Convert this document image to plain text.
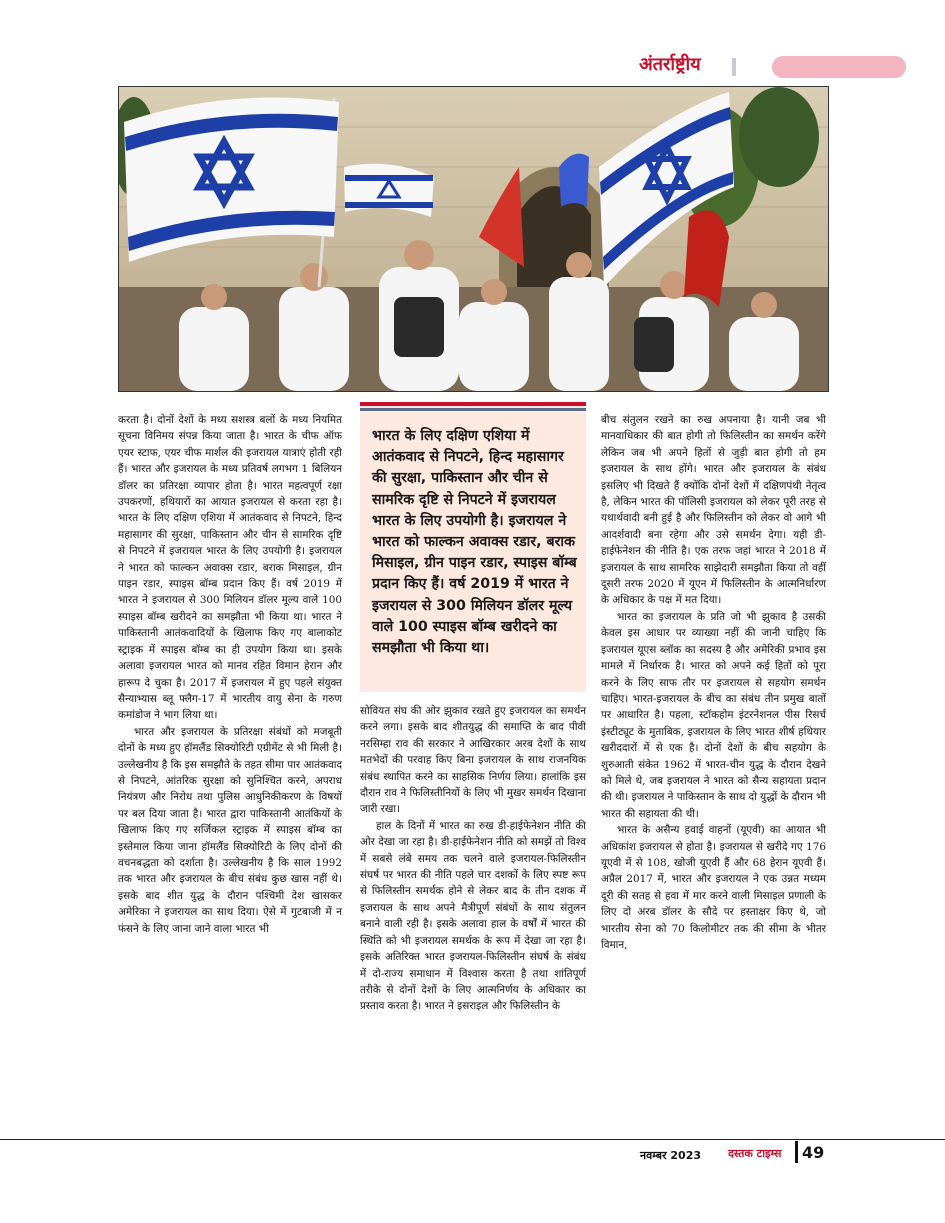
अंतर्राष्ट्रीय

करता है। दोनों देशों के मध्य सशस्त्र बलों के मध्य नियमित सूचना विनिमय संपन्न किया जाता है। भारत के चीफ ऑफ एयर स्टाफ, एयर चीफ मार्शल की इजरायल यात्राएं होती रही हैं। भारत और इजरायल के मध्य प्रतिवर्ष लगभग 1 बिलियन डॉलर का प्रतिरक्षा व्यापार होता है। भारत महत्वपूर्ण रक्षा उपकरणों, हथियारों का आयात इजरायल से करता रहा है। भारत के लिए दक्षिण एशिया में आतंकवाद से निपटने, हिन्द महासागर की सुरक्षा, पाकिस्तान और चीन से सामरिक दृष्टि से निपटने में इजरायल भारत के लिए उपयोगी है। इजरायल ने भारत को फाल्कन अवाक्स रडार, बराक मिसाइल, ग्रीन पाइन रडार, स्पाइस बॉम्ब प्रदान किए हैं। वर्ष 2019 में भारत ने इजरायल से 300 मिलियन डॉलर मूल्य वाले 100 स्पाइस बॉम्ब खरीदने का समझौता भी किया था। भारत ने पाकिस्तानी आतंकवादियों के खिलाफ किए गए बालाकोट स्ट्राइक में स्पाइस बॉम्ब का ही उपयोग किया था। इसके अलावा इजरायल भारत को मानव रहित विमान हेरान और हारूप दे चुका है। 2017 में इजरायल में हुए पहले संयुक्त सैन्याभ्यास ब्लू फ्लैग-17 में भारतीय वायु सेना के गरुण कमांडोज ने भाग लिया था।

भारत और इजरायल के प्रतिरक्षा संबंधों को मजबूती दोनों के मध्य हुए हॉमलैंड सिक्योरिटी एग्रीमेंट से भी मिली है। उल्लेखनीय है कि इस समझौते के तहत सीमा पार आतंकवाद से निपटने, आंतरिक सुरक्षा को सुनिश्चित करने, अपराध नियंत्रण और निरोध तथा पुलिस आधुनिकीकरण के विषयों पर बल दिया जाता है। भारत द्वारा पाकिस्तानी आतंकियों के खिलाफ किए गए सर्जिकल स्ट्राइक में स्पाइस बॉम्ब का इस्तेमाल किया जाना हॉमलैंड सिक्योरिटी के लिए दोनों की वचनबद्धता को दर्शाता है। उल्लेखनीय है कि साल 1992 तक भारत और इजरायल के बीच संबंध कुछ खास नहीं थे। इसके बाद शीत युद्ध के दौरान पश्चिमी देश खासकर अमेरिका ने इजरायल का साथ दिया। ऐसे में गुटबाजी में न फंसने के लिए जाना जाने वाला भारत भी

भारत के लिए दक्षिण एशिया में आतंकवाद से निपटने, हिन्द महासागर की सुरक्षा, पाकिस्तान और चीन से सामरिक दृष्टि से निपटने में इजरायल भारत के लिए उपयोगी है। इजरायल ने भारत को फाल्कन अवाक्स रडार, बराक मिसाइल, ग्रीन पाइन रडार, स्पाइस बॉम्ब प्रदान किए हैं। वर्ष 2019 में भारत ने इजरायल से 300 मिलियन डॉलर मूल्य वाले 100 स्पाइस बॉम्ब खरीदने का समझौता भी किया था।

सोवियत संघ की ओर झुकाव रखते हुए इजरायल का समर्थन करने लगा। इसके बाद शीतयुद्ध की समाप्ति के बाद पीवी नरसिम्हा राव की सरकार ने आखिरकार अरब देशों के साथ मतभेदों की परवाह किए बिना इजरायल के साथ राजनयिक संबंध स्थापित करने का साहसिक निर्णय लिया। हालांकि इस दौरान राव ने फिलिस्तीनियों के लिए भी मुखर समर्थन दिखाना जारी रखा।

हाल के दिनों में भारत का रुख डी-हाईफेनेशन नीति की ओर देखा जा रहा है। डी-हाईफेनेशन नीति को समझें तो विश्व में सबसे लंबे समय तक चलने वाले इजरायल-फिलिस्तीन संघर्ष पर भारत की नीति पहले चार दशकों के लिए स्पष्ट रूप से फिलिस्तीन समर्थक होने से लेकर बाद के तीन दशक में इजरायल के साथ अपने मैत्रीपूर्ण संबंधों के साथ संतुलन बनाने वाली रही है। इसके अलावा हाल के वर्षों में भारत की स्थिति को भी इजरायल समर्थक के रूप में देखा जा रहा है। इसके अतिरिक्त भारत इजरायल-फिलिस्तीन संघर्ष के संबंध में दो-राज्य समाधान में विश्वास करता है तथा शांतिपूर्ण तरीके से दोनों देशों के लिए आत्मनिर्णय के अधिकार का प्रस्ताव करता है। भारत ने इसराइल और फिलिस्तीन के

बीच संतुलन रखने का रुख अपनाया है। यानी जब भी मानवाधिकार की बात होगी तो फिलिस्तीन का समर्थन करेंगे लेकिन जब भी अपने हितों से जुड़ी बात होगी तो हम इजरायल के साथ होंगे। भारत और इजरायल के संबंध इसलिए भी दिखते हैं क्योंकि दोनों देशों में दक्षिणपंथी नेतृत्व है, लेकिन भारत की पॉलिसी इजरायल को लेकर पूरी तरह से यथार्थवादी बनी हुई है और फिलिस्तीन को लेकर वो आगे भी आदर्शवादी बना रहेगा और उसे समर्थन देगा। यही डी-हाईफेनेशन की नीति है। एक तरफ जहां भारत ने 2018 में इजरायल के साथ सामरिक साझेदारी समझौता किया तो वहीं दूसरी तरफ 2020 में यूएन में फिलिस्तीन के आत्मनिर्धारण के अधिकार के पक्ष में मत दिया।

भारत का इजरायल के प्रति जो भी झुकाव है उसकी केवल इस आधार पर व्याख्या नहीं की जानी चाहिए कि इजरायल यूएस ब्लॉक का सदस्य है और अमेरिकी प्रभाव इस मामले में निर्धारक है। भारत को अपने कई हितों को पूरा करने के लिए साफ तौर पर इजरायल से सहयोग समर्थन चाहिए। भारत-इजरायल के बीच का संबंध तीन प्रमुख बातों पर आधारित है। पहला, स्टॉकहोम इंटरनेशनल पीस रिसर्च इंस्टीट्यूट के मुताबिक, इजरायल के लिए भारत शीर्ष हथियार खरीददारों में से एक है। दोनों देशों के बीच सहयोग के शुरुआती संकेत 1962 में भारत-चीन युद्ध के दौरान देखने को मिले थे, जब इजरायल ने भारत को सैन्य सहायता प्रदान की थी। इजरायल ने पाकिस्तान के साथ दो युद्धों के दौरान भी भारत की सहायता की थी।

भारत के असैन्य हवाई वाहनों (यूएवी) का आयात भी अधिकांश इजरायल से होता है। इजरायल से खरीदे गए 176 यूएवी में से 108, खोजी यूएवी हैं और 68 हेरान यूएवी हैं। अप्रैल 2017 में, भारत और इजरायल ने एक उन्नत मध्यम दूरी की सतह से हवा में मार करने वाली मिसाइल प्रणाली के लिए दो अरब डॉलर के सौदे पर हस्ताक्षर किए थे, जो भारतीय सेना को 70 किलोमीटर तक की सीमा के भीतर विमान,

नवम्बर 2023 दस्तक टाइम्स 49
